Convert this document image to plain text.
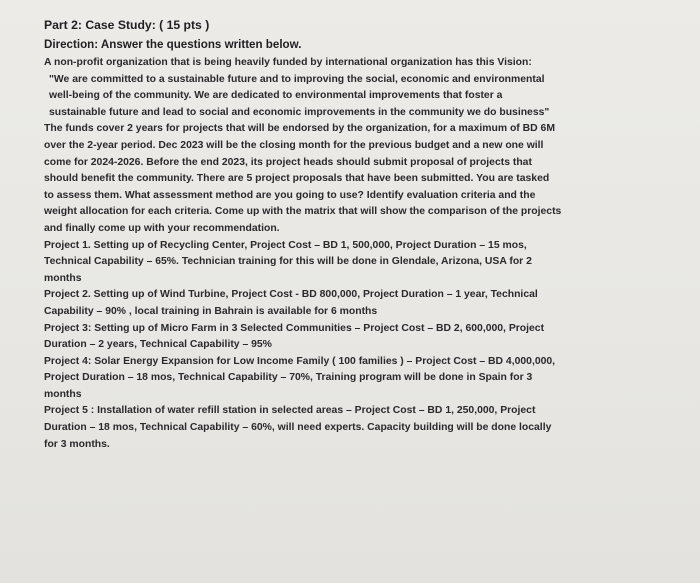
Part 2: Case Study: ( 15 pts )
Direction: Answer the questions written below.
A non-profit organization that is being heavily funded by international organization has this Vision:
"We are committed to a sustainable future and to improving the social, economic and environmental
well-being of the community. We are dedicated to environmental improvements that foster a
sustainable future and lead to social and economic improvements in the community we do business"
The funds cover 2 years for projects that will be endorsed by the organization, for a maximum of BD 6M
over the 2-year period. Dec 2023 will be the closing month for the previous budget and a new one will
come for 2024-2026. Before the end 2023, its project heads should submit proposal of projects that
should benefit the community. There are 5 project proposals that have been submitted. You are tasked
to assess them. What assessment method are you going to use? Identify evaluation criteria and the
weight allocation for each criteria. Come up with the matrix that will show the comparison of the projects
and finally come up with your recommendation.
Project 1. Setting up of Recycling Center, Project Cost – BD 1, 500,000, Project Duration – 15 mos,
Technical Capability – 65%. Technician training for this will be done in Glendale, Arizona, USA for 2
months
Project 2. Setting up of Wind Turbine, Project Cost - BD 800,000, Project Duration – 1 year, Technical
Capability – 90% , local training in Bahrain is available for 6 months
Project 3: Setting up of Micro Farm in 3 Selected Communities – Project Cost – BD 2, 600,000, Project
Duration – 2 years, Technical Capability – 95%
Project 4: Solar Energy Expansion for Low Income Family ( 100 families ) – Project Cost – BD 4,000,000,
Project Duration – 18 mos, Technical Capability – 70%, Training program will be done in Spain for 3
months
Project 5 : Installation of water refill station in selected areas – Project Cost – BD 1, 250,000, Project
Duration – 18 mos, Technical Capability – 60%, will need experts. Capacity building will be done locally
for 3 months.
